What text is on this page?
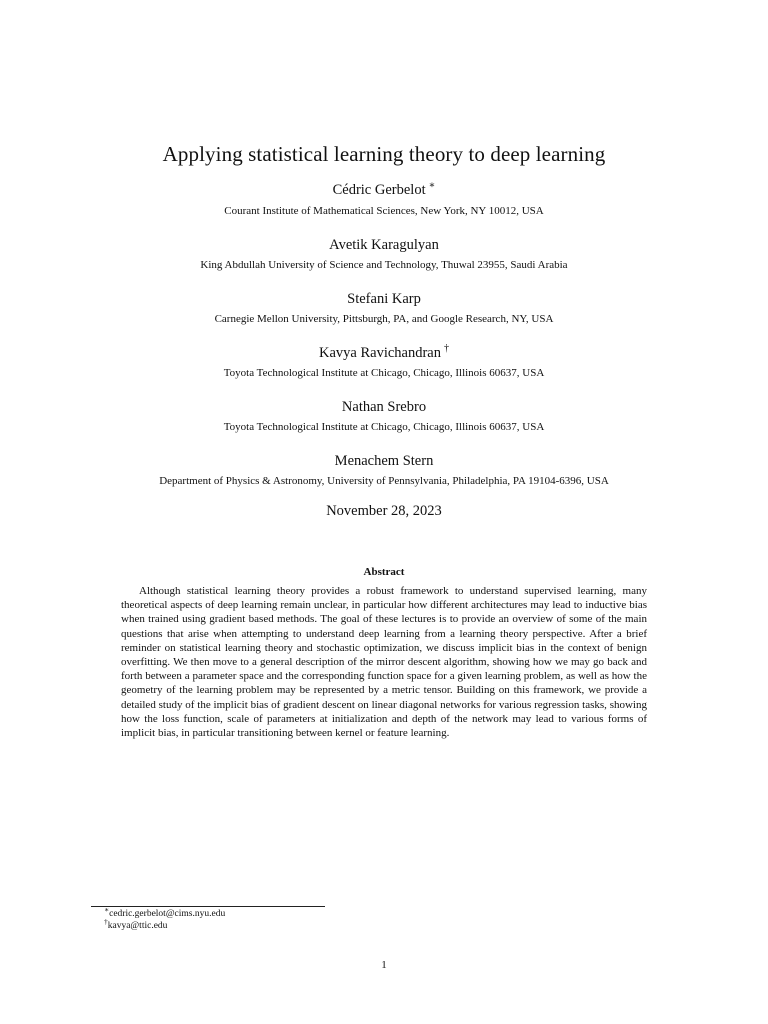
Applying statistical learning theory to deep learning
Cédric Gerbelot ∗
Courant Institute of Mathematical Sciences, New York, NY 10012, USA
Avetik Karagulyan
King Abdullah University of Science and Technology, Thuwal 23955, Saudi Arabia
Stefani Karp
Carnegie Mellon University, Pittsburgh, PA, and Google Research, NY, USA
Kavya Ravichandran †
Toyota Technological Institute at Chicago, Chicago, Illinois 60637, USA
Nathan Srebro
Toyota Technological Institute at Chicago, Chicago, Illinois 60637, USA
Menachem Stern
Department of Physics & Astronomy, University of Pennsylvania, Philadelphia, PA 19104-6396, USA
November 28, 2023
Abstract
Although statistical learning theory provides a robust framework to understand supervised learning, many theoretical aspects of deep learning remain unclear, in particular how different architectures may lead to inductive bias when trained using gradient based methods. The goal of these lectures is to provide an overview of some of the main questions that arise when attempting to understand deep learning from a learning theory perspective. After a brief reminder on statistical learning theory and stochastic optimization, we discuss implicit bias in the context of benign overfitting. We then move to a general description of the mirror descent algorithm, showing how we may go back and forth between a parameter space and the corresponding function space for a given learning problem, as well as how the geometry of the learning problem may be represented by a metric tensor. Building on this framework, we provide a detailed study of the implicit bias of gradient descent on linear diagonal networks for various regression tasks, showing how the loss function, scale of parameters at initialization and depth of the network may lead to various forms of implicit bias, in particular transitioning between kernel or feature learning.
∗cedric.gerbelot@cims.nyu.edu
†kavya@ttic.edu
1
